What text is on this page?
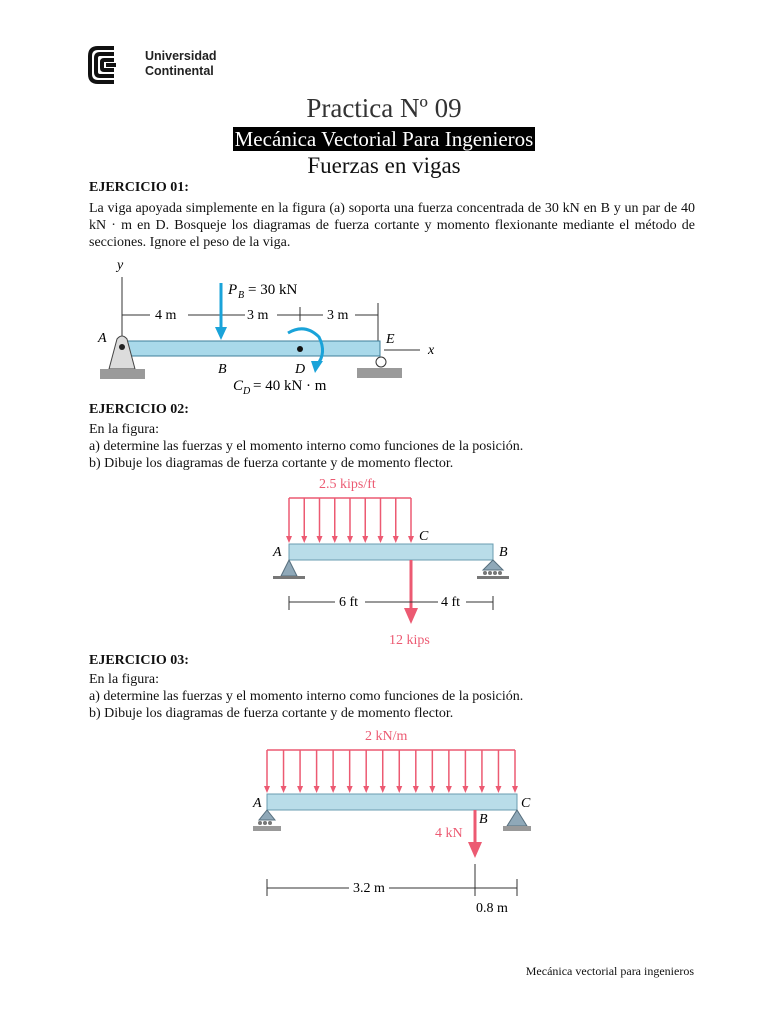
Universidad
Continental
Practica Nº 09
Mecánica Vectorial Para Ingenieros
Fuerzas en vigas
EJERCICIO 01:
La viga apoyada simplemente en la figura (a) soporta una fuerza concentrada de 30 kN en B y un par de 40 kN · m en D. Bosqueje los diagramas de fuerza cortante y momento flexionante mediante el método de secciones. Ignore el peso de la viga.
y
4 m	3 m	3 m
P B = 30 kN
A
B	D
C D = 40 kN · m
E
x
EJERCICIO 02:
En la figura:
a) determine las fuerzas y el momento interno como funciones de la posición.
b) Dibuje los diagramas de fuerza cortante y de momento flector.
2.5 kips/ft
A	B
C
12 kips
6 ft	4 ft
EJERCICIO 03:
En la figura:
a) determine las fuerzas y el momento interno como funciones de la posición.
b) Dibuje los diagramas de fuerza cortante y de momento flector.
2 kN/m
A	C
B
4 kN
3.2 m
0.8 m
Mecánica vectorial para ingenieros
